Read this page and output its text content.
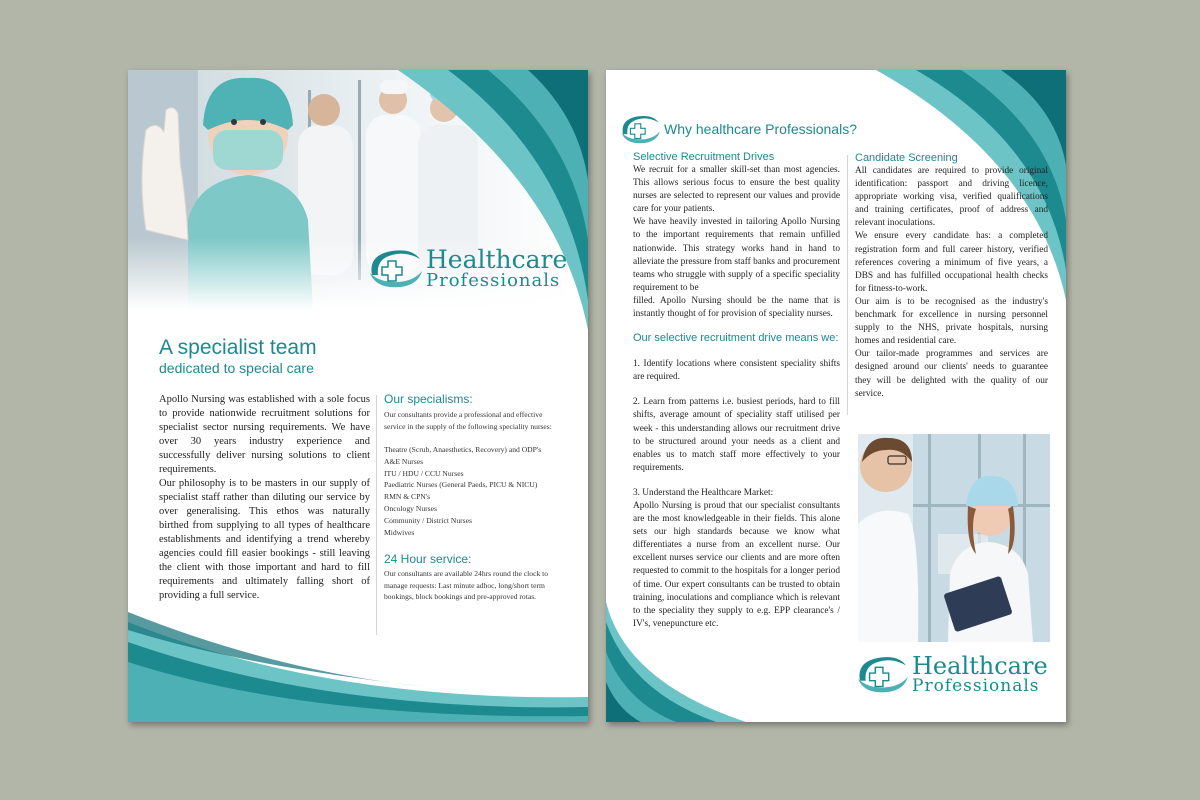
Healthcare
Professionals
A specialist team
dedicated to special care

Apollo Nursing was established with a sole focus to provide nationwide recruitment solutions for specialist sector nursing requirements. We have over 30 years industry experience and successfully deliver nursing solutions to client requirements.

Our philosophy is to be masters in our supply of specialist staff rather than diluting our service by over generalising. This ethos was naturally birthed from supplying to all types of healthcare establishments and identifying a trend whereby agencies could fill easier bookings - still leaving the client with those important and hard to fill requirements and ultimately falling short of providing a full service.

Our specialisms:

Our consultants provide a professional and effective service in the supply of the following speciality nurses:

Theatre (Scrub, Anaesthetics, Recovery) and ODP's
A&E Nurses
ITU / HDU / CCU Nurses
Paediatric Nurses (General Paeds, PICU & NICU)
RMN & CPN's
Oncology Nurses
Community / District Nurses
Midwives
24 Hour service:

Our consultants are available 24hrs round the clock to manage requests: Last minute adhoc, long/short term bookings, block bookings and pre-approved rotas.

Why healthcare Professionals?
Selective Recruitment Drives

We recruit for a smaller skill-set than most agencies. This allows serious focus to ensure the best quality nurses are selected to represent our values and provide care for your patients.

We have heavily invested in tailoring Apollo Nursing to the important requirements that remain unfilled nationwide. This strategy works hand in hand to alleviate the pressure from staff banks and procurement teams who struggle with supply of a specific speciality requirement to be

filled. Apollo Nursing should be the name that is instantly thought of for provision of speciality nurses.

Our selective recruitment drive means we:

1. Identify locations where consistent speciality shifts are required.

2. Learn from patterns i.e. busiest periods, hard to fill shifts, average amount of speciality staff utilised per week - this understanding allows our recruitment drive to be structured around your needs as a client and enables us to match staff more effectively to your requirements.

3. Understand the Healthcare Market:

Apollo Nursing is proud that our specialist consultants are the most knowledgeable in their fields. This alone sets our high standards because we know what differentiates a nurse from an excellent nurse. Our excellent nurses service our clients and are more often requested to commit to the hospitals for a longer period of time. Our expert consultants can be trusted to obtain training, inoculations and compliance which is relevant to the speciality they supply to e.g. EPP clearance's / IV's, venepuncture etc.

Candidate Screening

All candidates are required to provide original identification: passport and driving licence, appropriate working visa, verified qualifications and training certificates, proof of address and relevant inoculations.

We ensure every candidate has: a completed registration form and full career history, verified references covering a minimum of five years, a DBS and has fulfilled occupational health checks for fitness-to-work.

Our aim is to be recognised as the industry's benchmark for excellence in nursing personnel supply to the NHS, private hospitals, nursing homes and residential care.

Our tailor-made programmes and services are designed around our clients' needs to guarantee they will be delighted with the quality of our service.

Healthcare
Professionals
